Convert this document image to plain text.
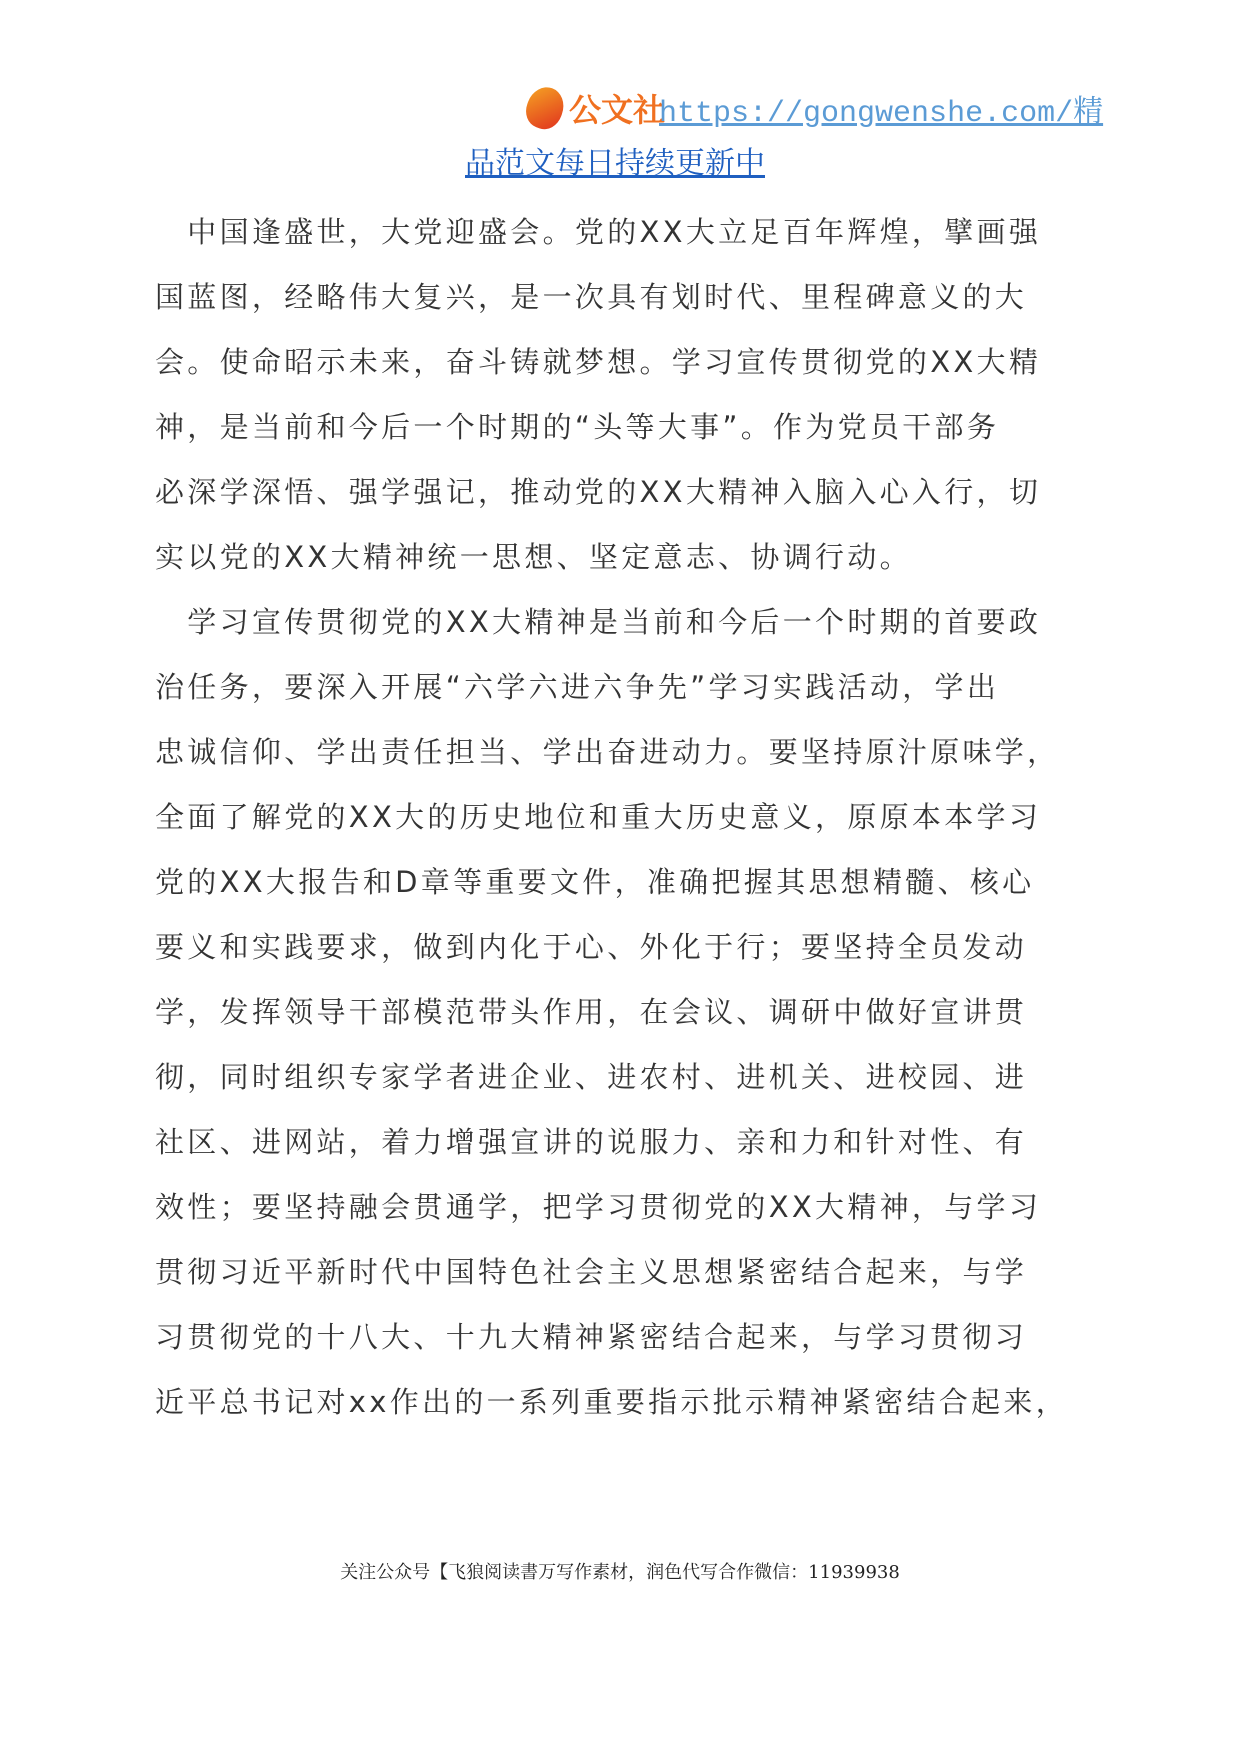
公文社
https://gongwenshe.com/精
品范文每日持续更新中
　中国逢盛世，大党迎盛会。党的XX大立足百年辉煌，擘画强
国蓝图，经略伟大复兴，是一次具有划时代、里程碑意义的大
会。使命昭示未来，奋斗铸就梦想。学习宣传贯彻党的XX大精
神，是当前和今后一个时期的“头等大事”。作为党员干部务
必深学深悟、强学强记，推动党的XX大精神入脑入心入行，切
实以党的XX大精神统一思想、坚定意志、协调行动。
　学习宣传贯彻党的XX大精神是当前和今后一个时期的首要政
治任务，要深入开展“六学六进六争先”学习实践活动，学出
忠诚信仰、学出责任担当、学出奋进动力。要坚持原汁原味学，
全面了解党的XX大的历史地位和重大历史意义，原原本本学习
党的XX大报告和D章等重要文件，准确把握其思想精髓、核心
要义和实践要求，做到内化于心、外化于行；要坚持全员发动
学，发挥领导干部模范带头作用，在会议、调研中做好宣讲贯
彻，同时组织专家学者进企业、进农村、进机关、进校园、进
社区、进网站，着力增强宣讲的说服力、亲和力和针对性、有
效性；要坚持融会贯通学，把学习贯彻党的XX大精神，与学习
贯彻习近平新时代中国特色社会主义思想紧密结合起来，与学
习贯彻党的十八大、十九大精神紧密结合起来，与学习贯彻习
近平总书记对xx作出的一系列重要指示批示精神紧密结合起来，
关注公众号【飞狼阅读書万写作素材，润色代写合作微信：11939938
